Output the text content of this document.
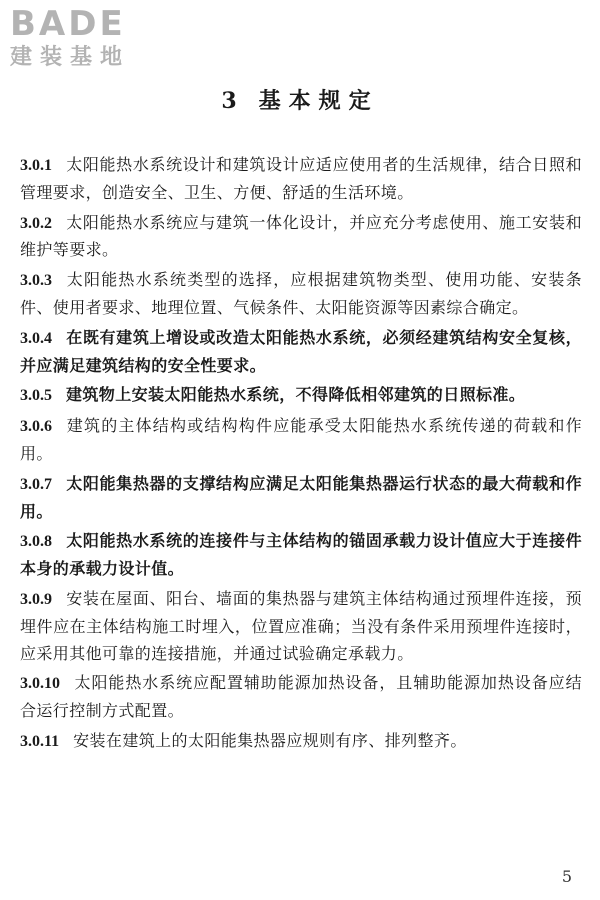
BADE
建装基地
3 基本规定

3.0.1 太阳能热水系统设计和建筑设计应适应使用者的生活规律，结合日照和管理要求，创造安全、卫生、方便、舒适的生活环境。

3.0.2 太阳能热水系统应与建筑一体化设计，并应充分考虑使用、施工安装和维护等要求。

3.0.3 太阳能热水系统类型的选择，应根据建筑物类型、使用功能、安装条件、使用者要求、地理位置、气候条件、太阳能资源等因素综合确定。

3.0.4 在既有建筑上增设或改造太阳能热水系统，必须经建筑结构安全复核，并应满足建筑结构的安全性要求。

3.0.5 建筑物上安装太阳能热水系统，不得降低相邻建筑的日照标准。

3.0.6 建筑的主体结构或结构构件应能承受太阳能热水系统传递的荷载和作用。

3.0.7 太阳能集热器的支撑结构应满足太阳能集热器运行状态的最大荷载和作用。

3.0.8 太阳能热水系统的连接件与主体结构的锚固承载力设计值应大于连接件本身的承载力设计值。

3.0.9 安装在屋面、阳台、墙面的集热器与建筑主体结构通过预埋件连接，预埋件应在主体结构施工时埋入，位置应准确；当没有条件采用预埋件连接时，应采用其他可靠的连接措施，并通过试验确定承载力。

3.0.10 太阳能热水系统应配置辅助能源加热设备，且辅助能源加热设备应结合运行控制方式配置。

3.0.11 安装在建筑上的太阳能集热器应规则有序、排列整齐。

5
